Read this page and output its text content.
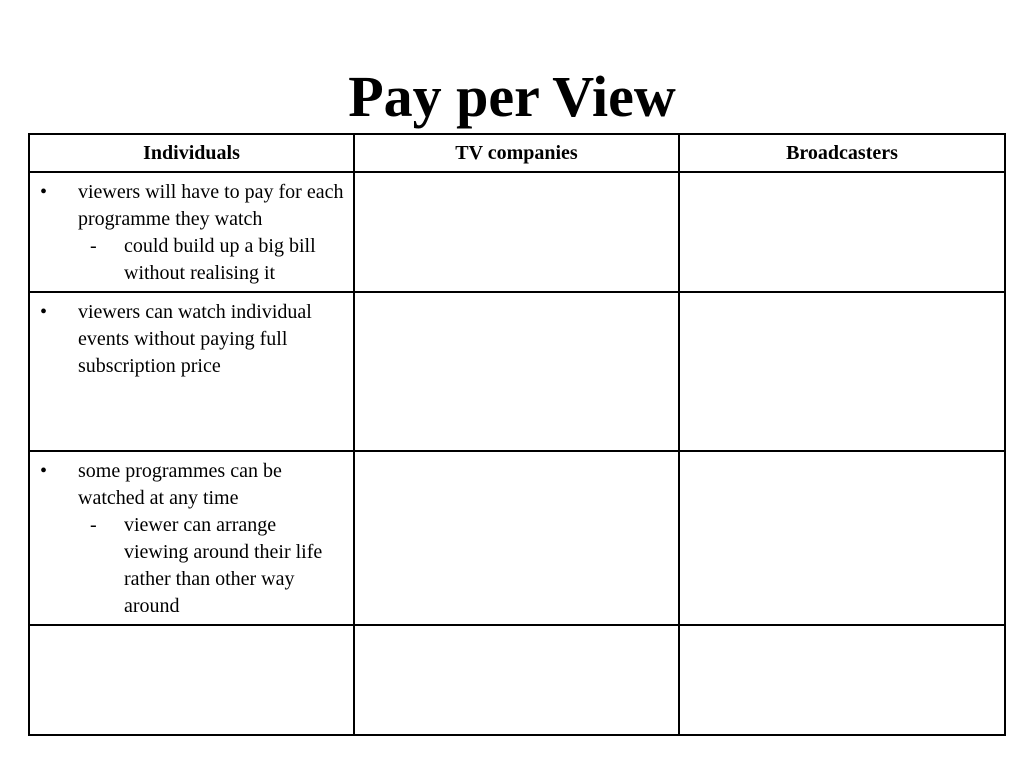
Pay per View
Individuals	TV companies	Broadcasters

• viewers will have to pay for each programme they watch
- could build up a big bill without realising it		

• viewers can watch individual events without paying full subscription price		

• some programmes can be watched at any time
- viewer can arrange viewing around their life rather than other way around		
